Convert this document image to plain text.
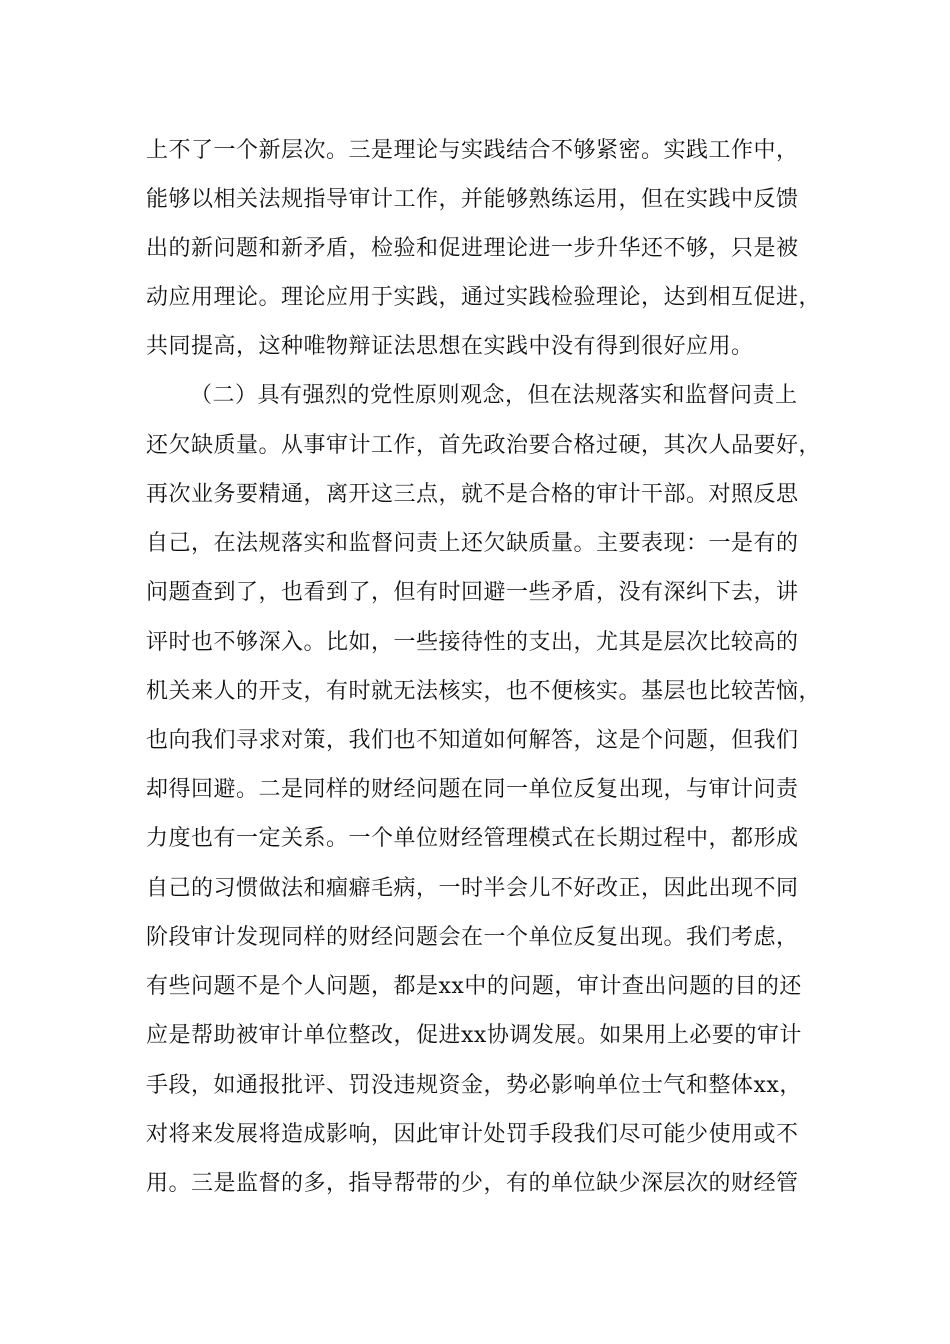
上不了一个新层次。三是理论与实践结合不够紧密。实践工作中，
能够以相关法规指导审计工作，并能够熟练运用，但在实践中反馈
出的新问题和新矛盾，检验和促进理论进一步升华还不够，只是被
动应用理论。理论应用于实践，通过实践检验理论，达到相互促进，
共同提高，这种唯物辩证法思想在实践中没有得到很好应用。
（二）具有强烈的党性原则观念，但在法规落实和监督问责上
还欠缺质量。从事审计工作，首先政治要合格过硬，其次人品要好，
再次业务要精通，离开这三点，就不是合格的审计干部。对照反思
自己，在法规落实和监督问责上还欠缺质量。主要表现：一是有的
问题查到了，也看到了，但有时回避一些矛盾，没有深纠下去，讲
评时也不够深入。比如，一些接待性的支出，尤其是层次比较高的
机关来人的开支，有时就无法核实，也不便核实。基层也比较苦恼，
也向我们寻求对策，我们也不知道如何解答，这是个问题，但我们
却得回避。二是同样的财经问题在同一单位反复出现，与审计问责
力度也有一定关系。一个单位财经管理模式在长期过程中，都形成
自己的习惯做法和痼癖毛病，一时半会儿不好改正，因此出现不同
阶段审计发现同样的财经问题会在一个单位反复出现。我们考虑，
有些问题不是个人问题，都是xx中的问题，审计查出问题的目的还
应是帮助被审计单位整改，促进xx协调发展。如果用上必要的审计
手段，如通报批评、罚没违规资金，势必影响单位士气和整体xx，
对将来发展将造成影响，因此审计处罚手段我们尽可能少使用或不
用。三是监督的多，指导帮带的少，有的单位缺少深层次的财经管
